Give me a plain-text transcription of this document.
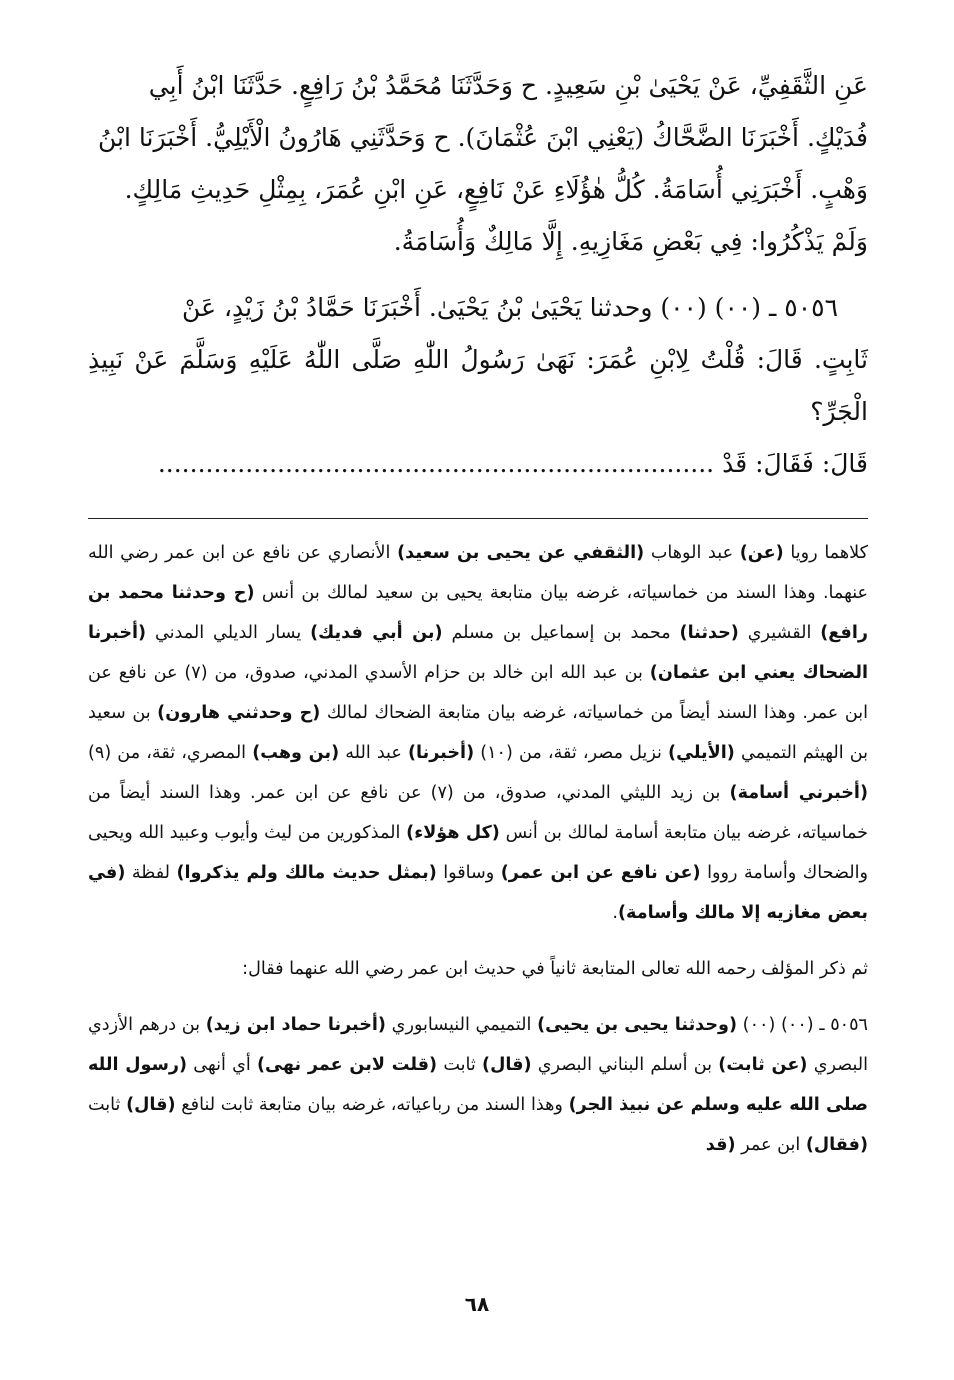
عَنِ الثَّقَفِيِّ، عَنْ يَحْيَىٰ بْنِ سَعِيدٍ. ح وَحَدَّثَنَا مُحَمَّدُ بْنُ رَافِعٍ. حَدَّثَنَا ابْنُ أَبِي

فُدَيْكٍ. أَخْبَرَنَا الضَّحَّاكُ (يَعْنِي ابْنَ عُثْمَانَ). ح وَحَدَّثَنِي هَارُونُ الْأَيْلِيُّ. أَخْبَرَنَا ابْنُ

وَهْبٍ. أَخْبَرَنِي أُسَامَةُ. كُلُّ هٰؤُلَاءِ عَنْ نَافِعٍ، عَنِ ابْنِ عُمَرَ، بِمِثْلِ حَدِيثِ مَالِكٍ.

وَلَمْ يَذْكُرُوا: فِي بَعْضِ مَغَازِيهِ. إِلَّا مَالِكٌ وَأُسَامَةُ.

٥٠٥٦ ـ (٠٠) (٠٠) وحدثنا يَحْيَىٰ بْنُ يَحْيَىٰ. أَخْبَرَنَا حَمَّادُ بْنُ زَيْدٍ، عَنْ

ثَابِتٍ. قَالَ: قُلْتُ لِابْنِ عُمَرَ: نَهَىٰ رَسُولُ اللّٰهِ صَلَّى اللّٰهُ عَلَيْهِ وَسَلَّمَ عَنْ نَبِيذِ الْجَرِّ؟

قَالَ: فَقَالَ: قَدْ ......................................................................

كلاهما رويا (عن) عبد الوهاب (الثقفي عن يحيى بن سعيد) الأنصاري عن نافع عن ابن عمر رضي الله عنهما. وهذا السند من خماسياته، غرضه بيان متابعة يحيى بن سعيد لمالك بن أنس (ح وحدثنا محمد بن رافع) القشيري (حدثنا) محمد بن إسماعيل بن مسلم (بن أبي فديك) يسار الديلي المدني (أخبرنا الضحاك يعني ابن عثمان) بن عبد الله ابن خالد بن حزام الأسدي المدني، صدوق، من (٧) عن نافع عن ابن عمر. وهذا السند أيضاً من خماسياته، غرضه بيان متابعة الضحاك لمالك (ح وحدثني هارون) بن سعيد بن الهيثم التميمي (الأيلي) نزيل مصر، ثقة، من (١٠) (أخبرنا) عبد الله (بن وهب) المصري، ثقة، من (٩) (أخبرني أسامة) بن زيد الليثي المدني، صدوق، من (٧) عن نافع عن ابن عمر. وهذا السند أيضاً من خماسياته، غرضه بيان متابعة أسامة لمالك بن أنس (كل هؤلاء) المذكورين من ليث وأيوب وعبيد الله ويحيى والضحاك وأسامة رووا (عن نافع عن ابن عمر) وساقوا (بمثل حديث مالك ولم يذكروا) لفظة (في بعض مغازيه إلا مالك وأسامة).

ثم ذكر المؤلف رحمه الله تعالى المتابعة ثانياً في حديث ابن عمر رضي الله عنهما فقال:

٥٠٥٦ ـ (٠٠) (٠٠) (وحدثنا يحيى بن يحيى) التميمي النيسابوري (أخبرنا حماد ابن زيد) بن درهم الأزدي البصري (عن ثابت) بن أسلم البناني البصري (قال) ثابت (قلت لابن عمر نهى) أي أنهى (رسول الله صلى الله عليه وسلم عن نبيذ الجر) وهذا السند من رباعياته، غرضه بيان متابعة ثابت لنافع (قال) ثابت (فقال) ابن عمر (قد

٦٨
